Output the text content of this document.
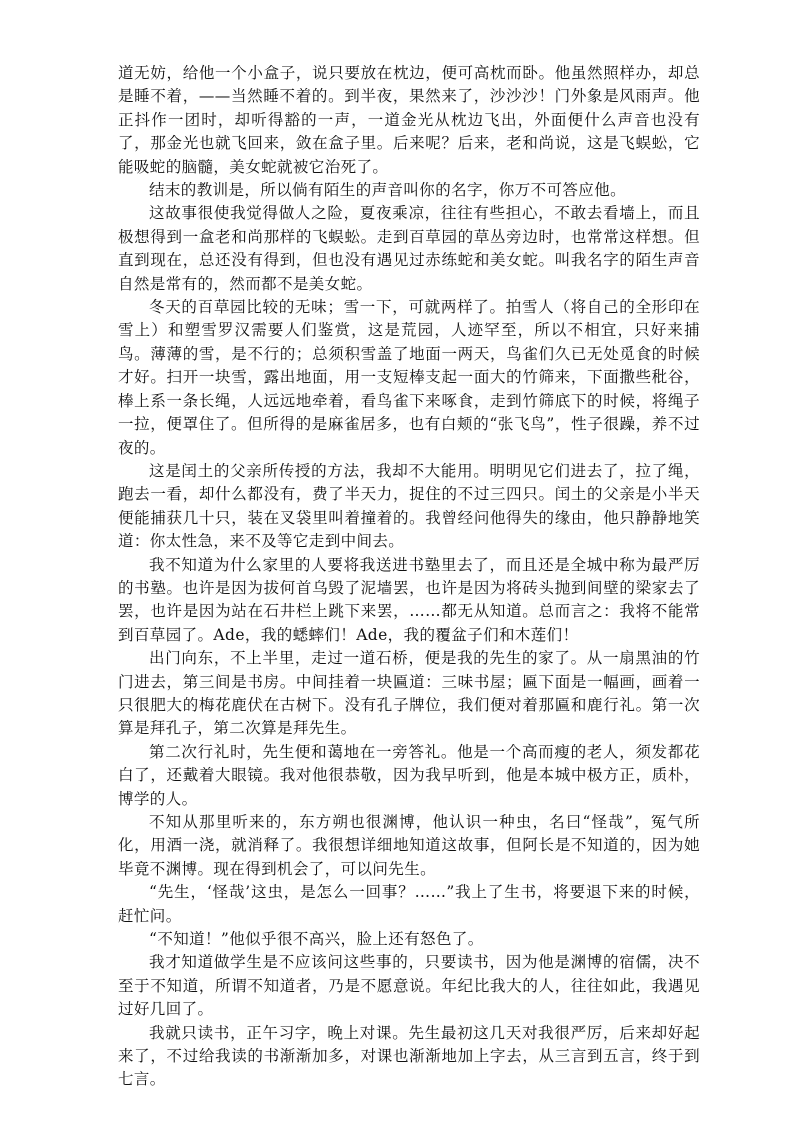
道无妨，给他一个小盒子，说只要放在枕边，便可高枕而卧。他虽然照样办，却总是睡不着，——当然睡不着的。到半夜，果然来了，沙沙沙！门外象是风雨声。他正抖作一团时，却听得豁的一声，一道金光从枕边飞出，外面便什么声音也没有了，那金光也就飞回来，敛在盒子里。后来呢？后来，老和尚说，这是飞蜈蚣，它能吸蛇的脑髓，美女蛇就被它治死了。

结末的教训是，所以倘有陌生的声音叫你的名字，你万不可答应他。

这故事很使我觉得做人之险，夏夜乘凉，往往有些担心，不敢去看墙上，而且极想得到一盒老和尚那样的飞蜈蚣。走到百草园的草丛旁边时，也常常这样想。但直到现在，总还没有得到，但也没有遇见过赤练蛇和美女蛇。叫我名字的陌生声音自然是常有的，然而都不是美女蛇。

冬天的百草园比较的无味；雪一下，可就两样了。拍雪人（将自己的全形印在雪上）和塑雪罗汉需要人们鉴赏，这是荒园，人迹罕至，所以不相宜，只好来捕鸟。薄薄的雪，是不行的；总须积雪盖了地面一两天，鸟雀们久已无处觅食的时候才好。扫开一块雪，露出地面，用一支短棒支起一面大的竹筛来，下面撒些秕谷，棒上系一条长绳，人远远地牵着，看鸟雀下来啄食，走到竹筛底下的时候，将绳子一拉，便罩住了。但所得的是麻雀居多，也有白颊的“张飞鸟”，性子很躁，养不过夜的。

这是闰土的父亲所传授的方法，我却不大能用。明明见它们进去了，拉了绳，跑去一看，却什么都没有，费了半天力，捉住的不过三四只。闰土的父亲是小半天便能捕获几十只，装在叉袋里叫着撞着的。我曾经问他得失的缘由，他只静静地笑道：你太性急，来不及等它走到中间去。

我不知道为什么家里的人要将我送进书塾里去了，而且还是全城中称为最严厉的书塾。也许是因为拔何首乌毁了泥墙罢，也许是因为将砖头抛到间壁的梁家去了罢，也许是因为站在石井栏上跳下来罢，……都无从知道。总而言之：我将不能常到百草园了。Ade，我的蟋蟀们！Ade，我的覆盆子们和木莲们！

出门向东，不上半里，走过一道石桥，便是我的先生的家了。从一扇黑油的竹门进去，第三间是书房。中间挂着一块匾道：三味书屋；匾下面是一幅画，画着一只很肥大的梅花鹿伏在古树下。没有孔子牌位，我们便对着那匾和鹿行礼。第一次算是拜孔子，第二次算是拜先生。

第二次行礼时，先生便和蔼地在一旁答礼。他是一个高而瘦的老人，须发都花白了，还戴着大眼镜。我对他很恭敬，因为我早听到，他是本城中极方正，质朴，博学的人。

不知从那里听来的，东方朔也很渊博，他认识一种虫，名曰“怪哉”，冤气所化，用酒一浇，就消释了。我很想详细地知道这故事，但阿长是不知道的，因为她毕竟不渊博。现在得到机会了，可以问先生。

“先生，‘怪哉’这虫，是怎么一回事？……”我上了生书，将要退下来的时候，赶忙问。

“不知道！”他似乎很不高兴，脸上还有怒色了。

我才知道做学生是不应该问这些事的，只要读书，因为他是渊博的宿儒，决不至于不知道，所谓不知道者，乃是不愿意说。年纪比我大的人，往往如此，我遇见过好几回了。

我就只读书，正午习字，晚上对课。先生最初这几天对我很严厉，后来却好起来了，不过给我读的书渐渐加多，对课也渐渐地加上字去，从三言到五言，终于到七言。
